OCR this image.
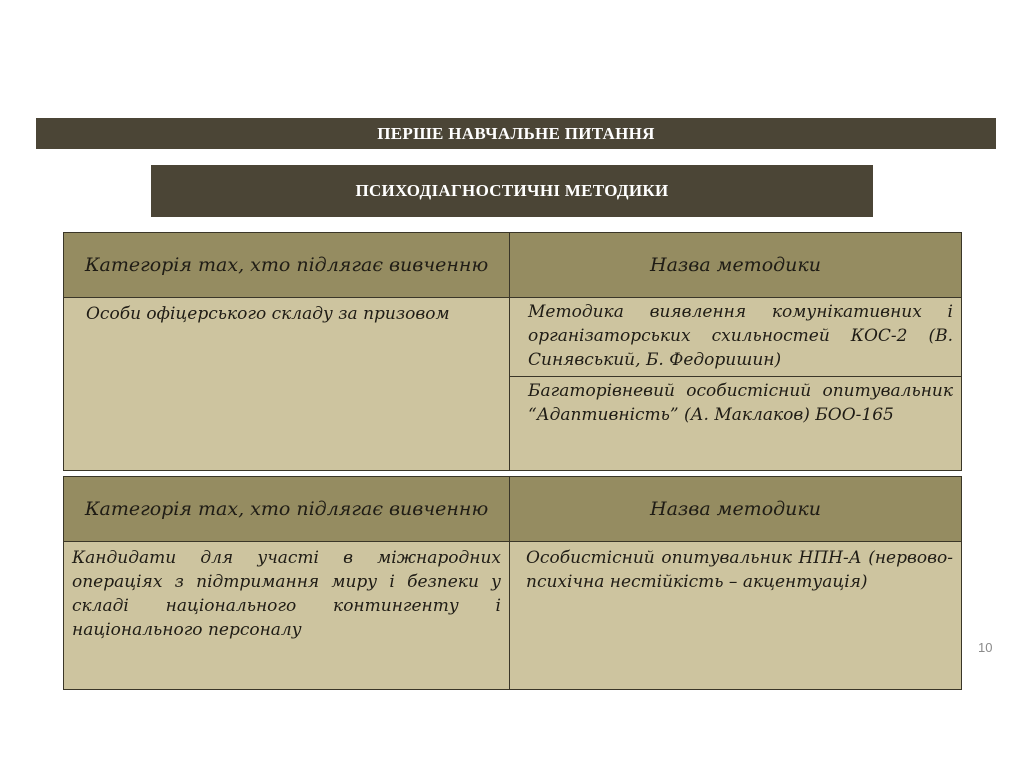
ПЕРШЕ НАВЧАЛЬНЕ ПИТАННЯ
ПСИХОДІАГНОСТИЧНІ МЕТОДИКИ
Категорія тах, хто підлягає вивченню	Назва методики
Особи офіцерського складу за призовом	Методика виявлення комунікативних і організаторських схильностей КОС-2 (В. Синявський, Б. Федоришин)
	Багаторівневий особистісний опитувальник “Адаптивність” (А. Маклаков) БОО-165
Категорія тах, хто підлягає вивченню	Назва методики
Кандидати для участі в міжнародних операціях з підтримання миру і безпеки у складі національного контингенту і національного персоналу	Особистісний опитувальник НПН-А (нервово-психічна нестійкість – акцентуація)
10
